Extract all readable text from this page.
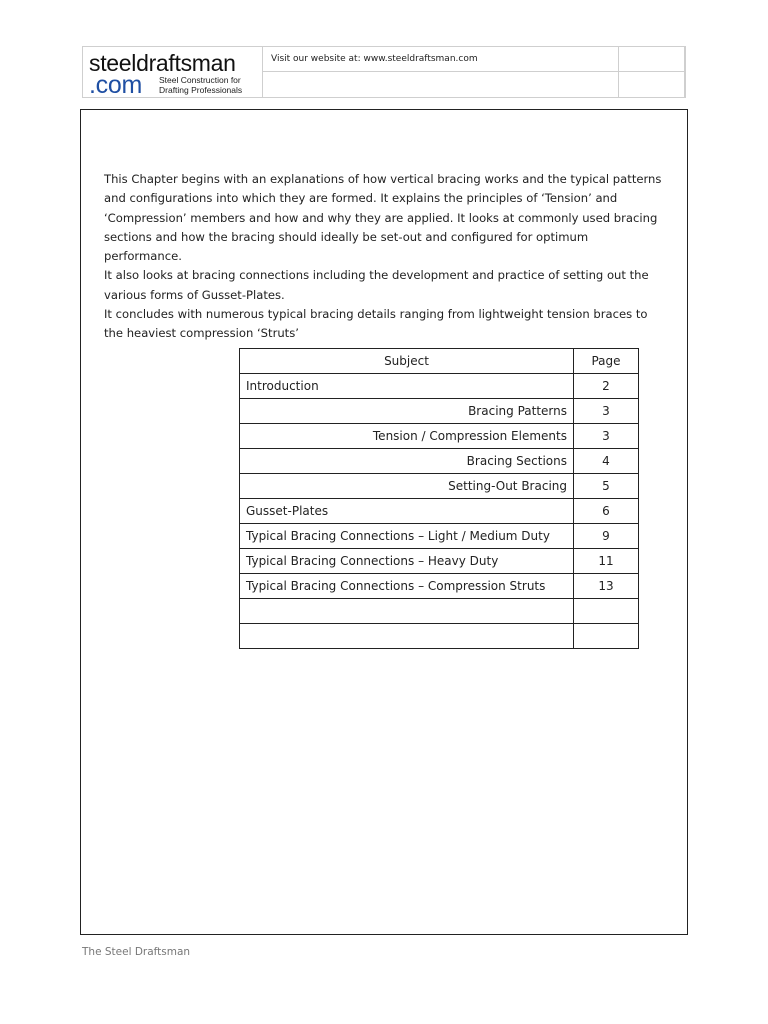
steeldraftsman
.com Steel Construction for
Drafting Professionals
Visit our website at: www.steeldraftsman.com

This Chapter begins with an explanations of how vertical bracing works and the typical patterns and configurations into which they are formed. It explains the principles of ‘Tension’ and ‘Compression’ members and how and why they are applied. It looks at commonly used bracing sections and how the bracing should ideally be set-out and configured for optimum performance.

It also looks at bracing connections including the development and practice of setting out the various forms of Gusset-Plates.

It concludes with numerous typical bracing details ranging from lightweight tension braces to the heaviest compression ‘Struts’

Subject	Page
Introduction	2
Bracing Patterns	3
Tension / Compression Elements	3
Bracing Sections	4
Setting-Out Bracing	5
Gusset-Plates	6
Typical Bracing Connections – Light / Medium Duty	9
Typical Bracing Connections – Heavy Duty	11
Typical Bracing Connections – Compression Struts	13

The Steel Draftsman
